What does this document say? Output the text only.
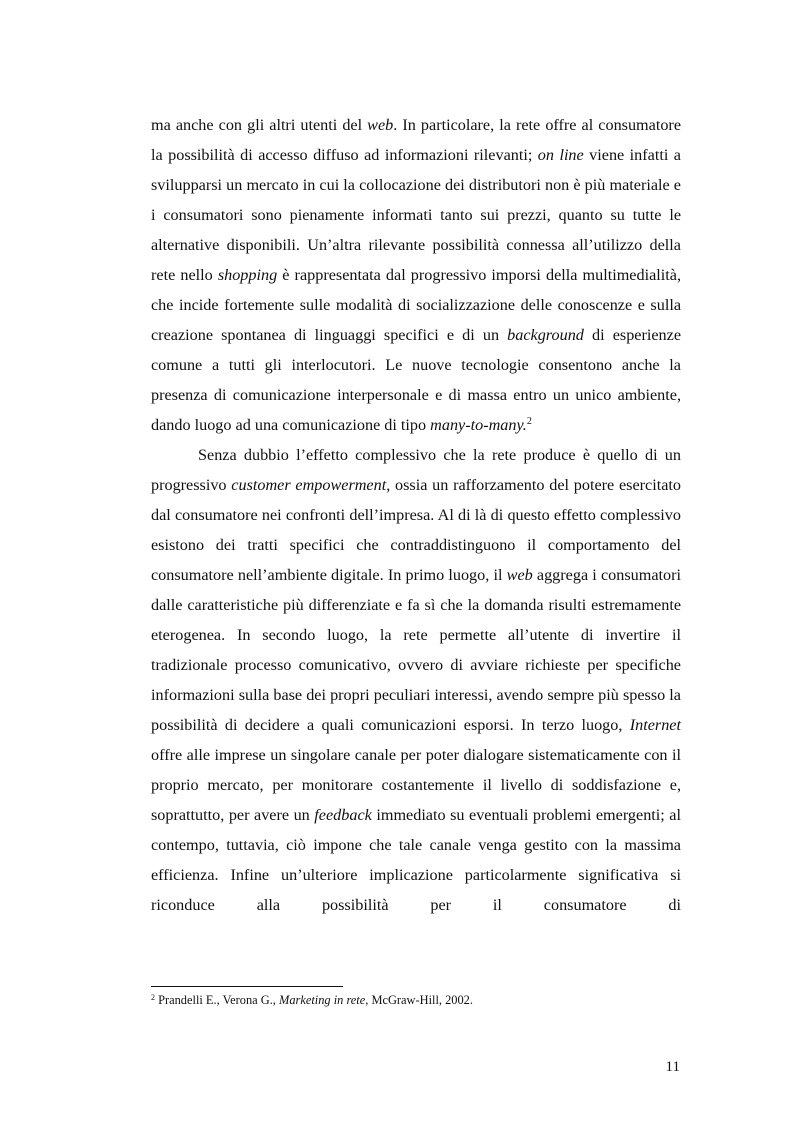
ma anche con gli altri utenti del web. In particolare, la rete offre al consumatore la possibilità di accesso diffuso ad informazioni rilevanti; on line viene infatti a svilupparsi un mercato in cui la collocazione dei distributori non è più materiale e i consumatori sono pienamente informati tanto sui prezzi, quanto su tutte le alternative disponibili. Un’altra rilevante possibilità connessa all’utilizzo della rete nello shopping è rappresentata dal progressivo imporsi della multimedialità, che incide fortemente sulle modalità di socializzazione delle conoscenze e sulla creazione spontanea di linguaggi specifici e di un background di esperienze comune a tutti gli interlocutori. Le nuove tecnologie consentono anche la presenza di comunicazione interpersonale e di massa entro un unico ambiente, dando luogo ad una comunicazione di tipo many-to-many.$^2$

Senza dubbio l’effetto complessivo che la rete produce è quello di un progressivo customer empowerment, ossia un rafforzamento del potere esercitato dal consumatore nei confronti dell’impresa. Al di là di questo effetto complessivo esistono dei tratti specifici che contraddistinguono il comportamento del consumatore nell’ambiente digitale. In primo luogo, il web aggrega i consumatori dalle caratteristiche più differenziate e fa sì che la domanda risulti estremamente eterogenea. In secondo luogo, la rete permette all’utente di invertire il tradizionale processo comunicativo, ovvero di avviare richieste per specifiche informazioni sulla base dei propri peculiari interessi, avendo sempre più spesso la possibilità di decidere a quali comunicazioni esporsi. In terzo luogo, Internet offre alle imprese un singolare canale per poter dialogare sistematicamente con il proprio mercato, per monitorare costantemente il livello di soddisfazione e, soprattutto, per avere un feedback immediato su eventuali problemi emergenti; al contempo, tuttavia, ciò impone che tale canale venga gestito con la massima efficienza. Infine un’ulteriore implicazione particolarmente significativa si riconduce alla possibilità per il consumatore di

$^2$ Prandelli E., Verona G., Marketing in rete, McGraw-Hill, 2002.

11
